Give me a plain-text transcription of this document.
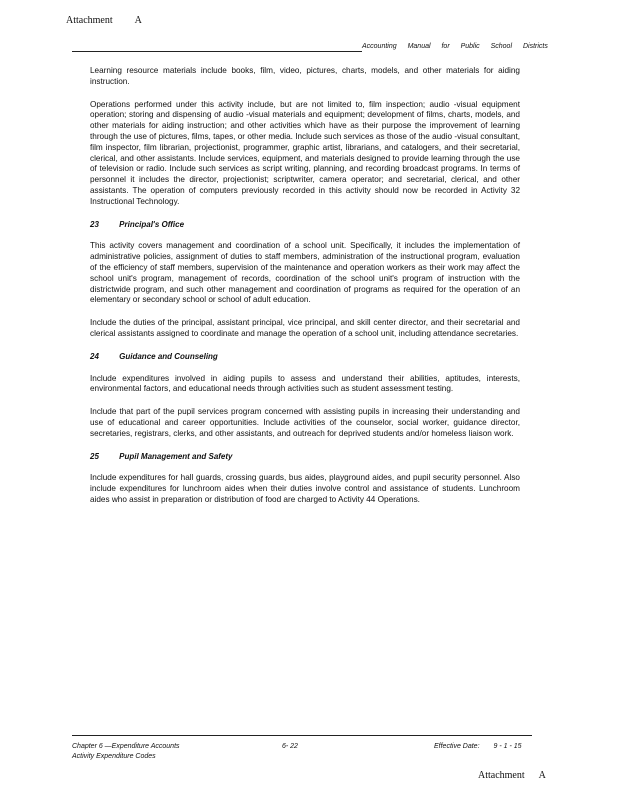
Attachment A
Accounting Manual for Public School Districts

Learning resource materials include books, film, video, pictures, charts, models, and other materials for aiding instruction.

Operations performed under this activity include, but are not limited to, film inspection; audio -visual equipment operation; storing and dispensing of audio -visual materials and equipment; development of films, charts, models, and other materials for aiding instruction; and other activities which have as their purpose the improvement of learning through the use of pictures, films, tapes, or other media. Include such services as those of the audio -visual consultant, film inspector, film librarian, projectionist, programmer, graphic artist, librarians, and catalogers, and their secretarial, clerical, and other assistants. Include services, equipment, and materials designed to provide learning through the use of television or radio. Include such services as script writing, planning, and recording broadcast programs. In terms of personnel it includes the director, projectionist; scriptwriter, camera operator; and secretarial, clerical, and other assistants. The operation of computers previously recorded in this activity should now be recorded in Activity 32 Instructional Technology.

23	Principal's Office

This activity covers management and coordination of a school unit. Specifically, it includes the implementation of administrative policies, assignment of duties to staff members, administration of the instructional program, evaluation of the efficiency of staff members, supervision of the maintenance and operation workers as their work may affect the school unit's program, management of records, coordination of the school unit's program of instruction with the districtwide program, and such other management and coordination of programs as required for the operation of an elementary or secondary school or school of adult education.

Include the duties of the principal, assistant principal, vice principal, and skill center director, and their secretarial and clerical assistants assigned to coordinate and manage the operation of a school unit, including attendance secretaries.

24	Guidance and Counseling

Include expenditures involved in aiding pupils to assess and understand their abilities, aptitudes, interests, environmental factors, and educational needs through activities such as student assessment testing.

Include that part of the pupil services program concerned with assisting pupils in increasing their understanding and use of educational and career opportunities. Include activities of the counselor, social worker, guidance director, secretaries, registrars, clerks, and other assistants, and outreach for deprived students and/or homeless liaison work.

25	Pupil Management and Safety

Include expenditures for hall guards, crossing guards, bus aides, playground aides, and pupil security personnel. Also include expenditures for lunchroom aides when their duties involve control and assistance of students. Lunchroom aides who assist in preparation or distribution of food are charged to Activity 44 Operations.

Chapter 6 —Expenditure Accounts
Activity Expenditure Codes
6- 22	Effective Date: 9 - 1 - 15
Attachment A
